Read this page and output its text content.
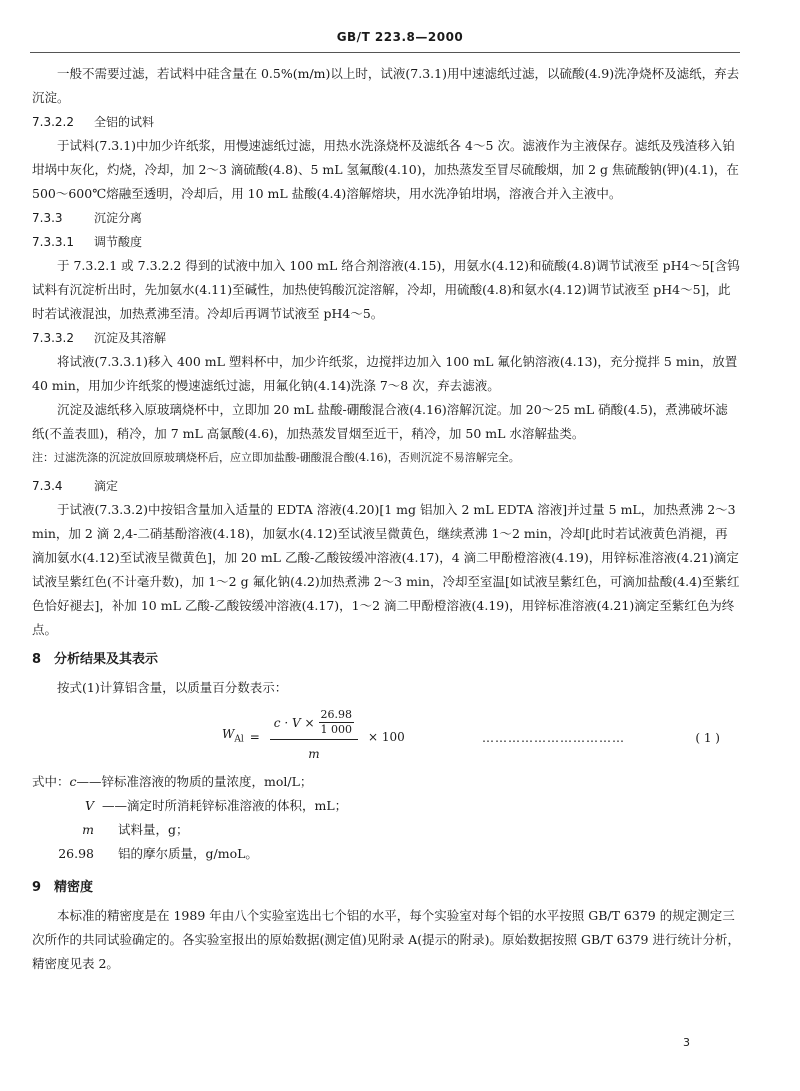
GB/T 223.8—2000

一般不需要过滤，若试料中硅含量在 0.5%(m/m)以上时，试液(7.3.1)用中速滤纸过滤，以硫酸(4.9)洗净烧杯及滤纸，弃去沉淀。

7.3.2.2 全铝的试料

于试料(7.3.1)中加少许纸浆，用慢速滤纸过滤，用热水洗涤烧杯及滤纸各 4～5 次。滤液作为主液保存。滤纸及残渣移入铂坩埚中灰化，灼烧，冷却，加 2～3 滴硫酸(4.8)、5 mL 氢氟酸(4.10)，加热蒸发至冒尽硫酸烟，加 2 g 焦硫酸钠(钾)(4.1)，在 500～600℃熔融至透明，冷却后，用 10 mL 盐酸(4.4)溶解熔块，用水洗净铂坩埚，溶液合并入主液中。

7.3.3	沉淀分离

7.3.3.1 调节酸度

于 7.3.2.1 或 7.3.2.2 得到的试液中加入 100 mL 络合剂溶液(4.15)，用氨水(4.12)和硫酸(4.8)调节试液至 pH4～5[含钨试料有沉淀析出时，先加氨水(4.11)至碱性，加热使钨酸沉淀溶解，冷却，用硫酸(4.8)和氨水(4.12)调节试液至 pH4～5]，此时若试液混浊，加热煮沸至清。冷却后再调节试液至 pH4～5。

7.3.3.2 沉淀及其溶解

将试液(7.3.3.1)移入 400 mL 塑料杯中，加少许纸浆，边搅拌边加入 100 mL 氟化钠溶液(4.13)，充分搅拌 5 min，放置 40 min，用加少许纸浆的慢速滤纸过滤，用氟化钠(4.14)洗涤 7～8 次，弃去滤液。

沉淀及滤纸移入原玻璃烧杯中，立即加 20 mL 盐酸-硼酸混合液(4.16)溶解沉淀。加 20～25 mL 硝酸(4.5)，煮沸破坏滤纸(不盖表皿)，稍冷，加 7 mL 高氯酸(4.6)，加热蒸发冒烟至近干，稍冷，加 50 mL 水溶解盐类。

注：过滤洗涤的沉淀放回原玻璃烧杯后，应立即加盐酸-硼酸混合酸(4.16)，否则沉淀不易溶解完全。

7.3.4	滴定

于试液(7.3.3.2)中按铝含量加入适量的 EDTA 溶液(4.20)[1 mg 铝加入 2 mL EDTA 溶液]并过量 5 mL，加热煮沸 2～3 min，加 2 滴 2,4-二硝基酚溶液(4.18)，加氨水(4.12)至试液呈微黄色，继续煮沸 1～2 min，冷却[此时若试液黄色消褪，再滴加氨水(4.12)至试液呈微黄色]，加 20 mL 乙酸-乙酸铵缓冲溶液(4.17)，4 滴二甲酚橙溶液(4.19)，用锌标准溶液(4.21)滴定试液呈紫红色(不计毫升数)，加 1～2 g 氟化钠(4.2)加热煮沸 2～3 min，冷却至室温[如试液呈紫红色，可滴加盐酸(4.4)至紫红色恰好褪去]，补加 10 mL 乙酸-乙酸铵缓冲溶液(4.17)，1～2 滴二甲酚橙溶液(4.19)，用锌标准溶液(4.21)滴定至紫红色为终点。

8 分析结果及其表示

按式(1)计算铝含量，以质量百分数表示：

$W_{Al} = \frac{c \cdot V \times \frac{26.98}{1 000}}{m} \times 100$	……………………………	( 1 )
式中： c —— 锌标准溶液的物质的量浓度，mol/L；
V —— 滴定时所消耗锌标准溶液的体积，mL；
m	试料量，g；
26.98	铝的摩尔质量，g/moL。

9 精密度

本标准的精密度是在 1989 年由八个实验室选出七个铝的水平，每个实验室对每个铝的水平按照 GB/T 6379 的规定测定三次所作的共同试验确定的。各实验室报出的原始数据(测定值)见附录 A(提示的附录)。原始数据按照 GB/T 6379 进行统计分析，精密度见表 2。

3
